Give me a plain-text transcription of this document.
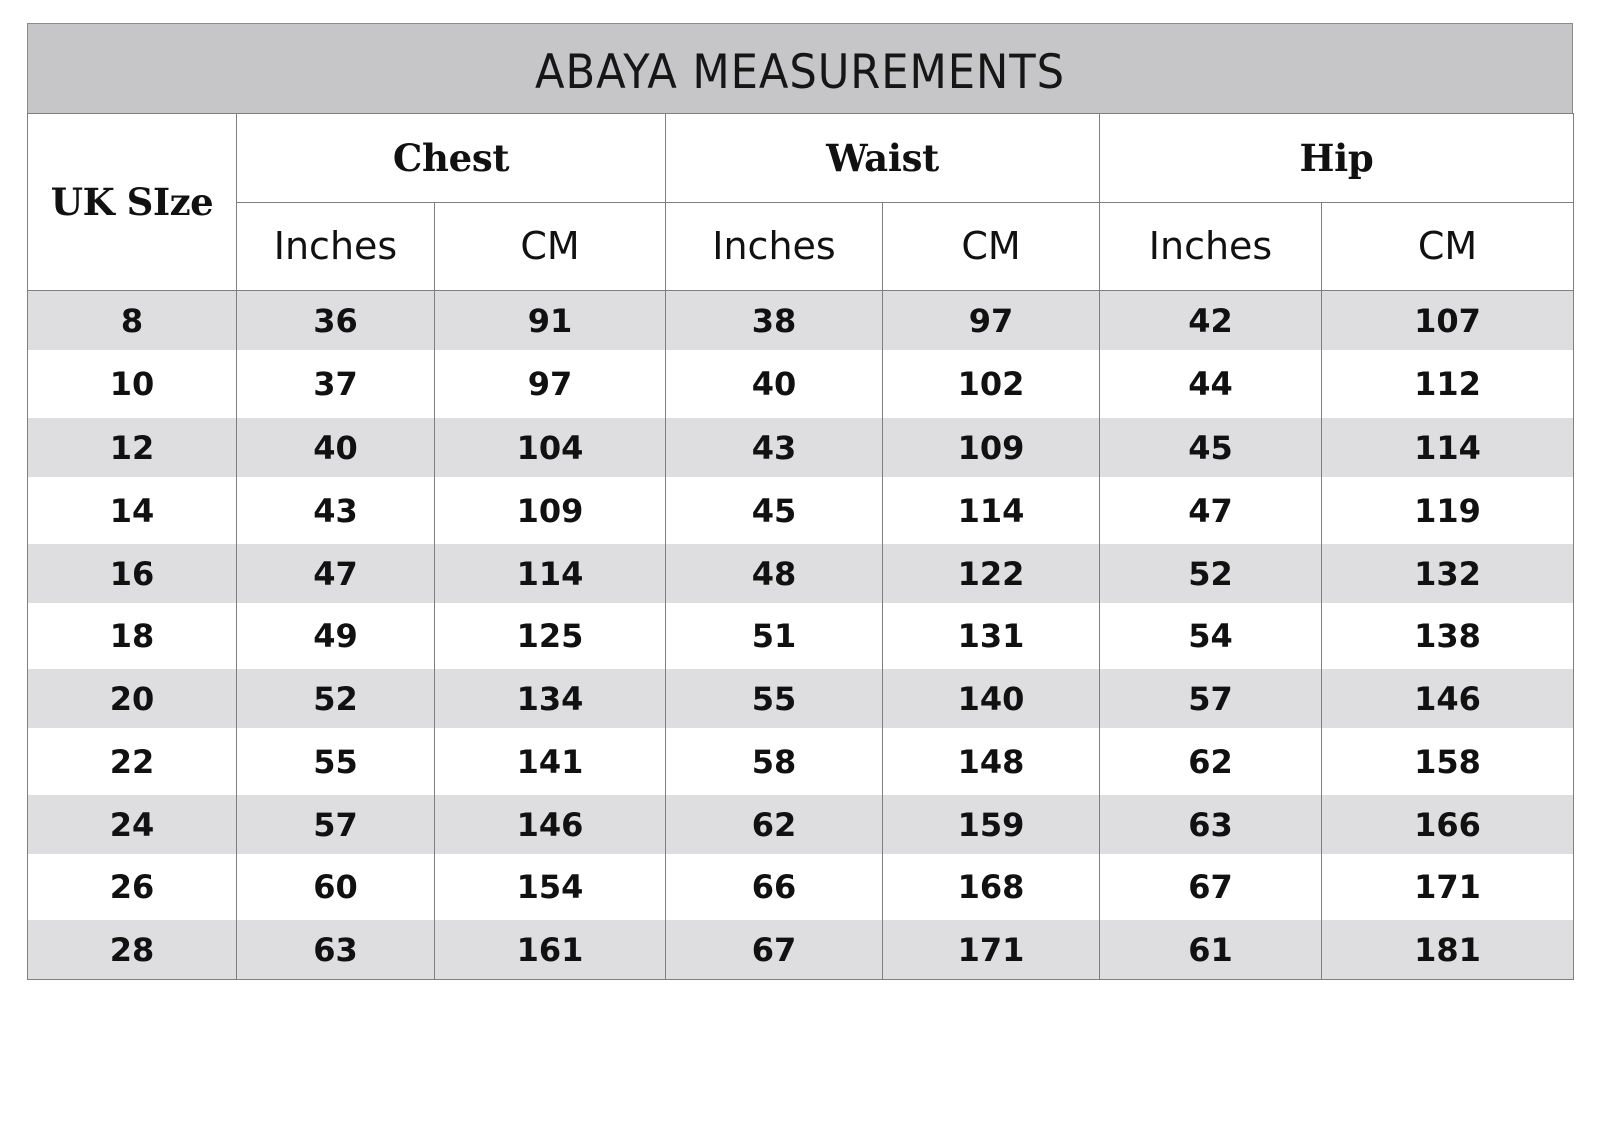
ABAYA MEASUREMENTS
UK SIze	Chest		Waist		Hip	
	Inches	CM	Inches	CM	Inches	CM
8	36	91	38	97	42	107
10	37	97	40	102	44	112
12	40	104	43	109	45	114
14	43	109	45	114	47	119
16	47	114	48	122	52	132
18	49	125	51	131	54	138
20	52	134	55	140	57	146
22	55	141	58	148	62	158
24	57	146	62	159	63	166
26	60	154	66	168	67	171
28	63	161	67	171	61	181
